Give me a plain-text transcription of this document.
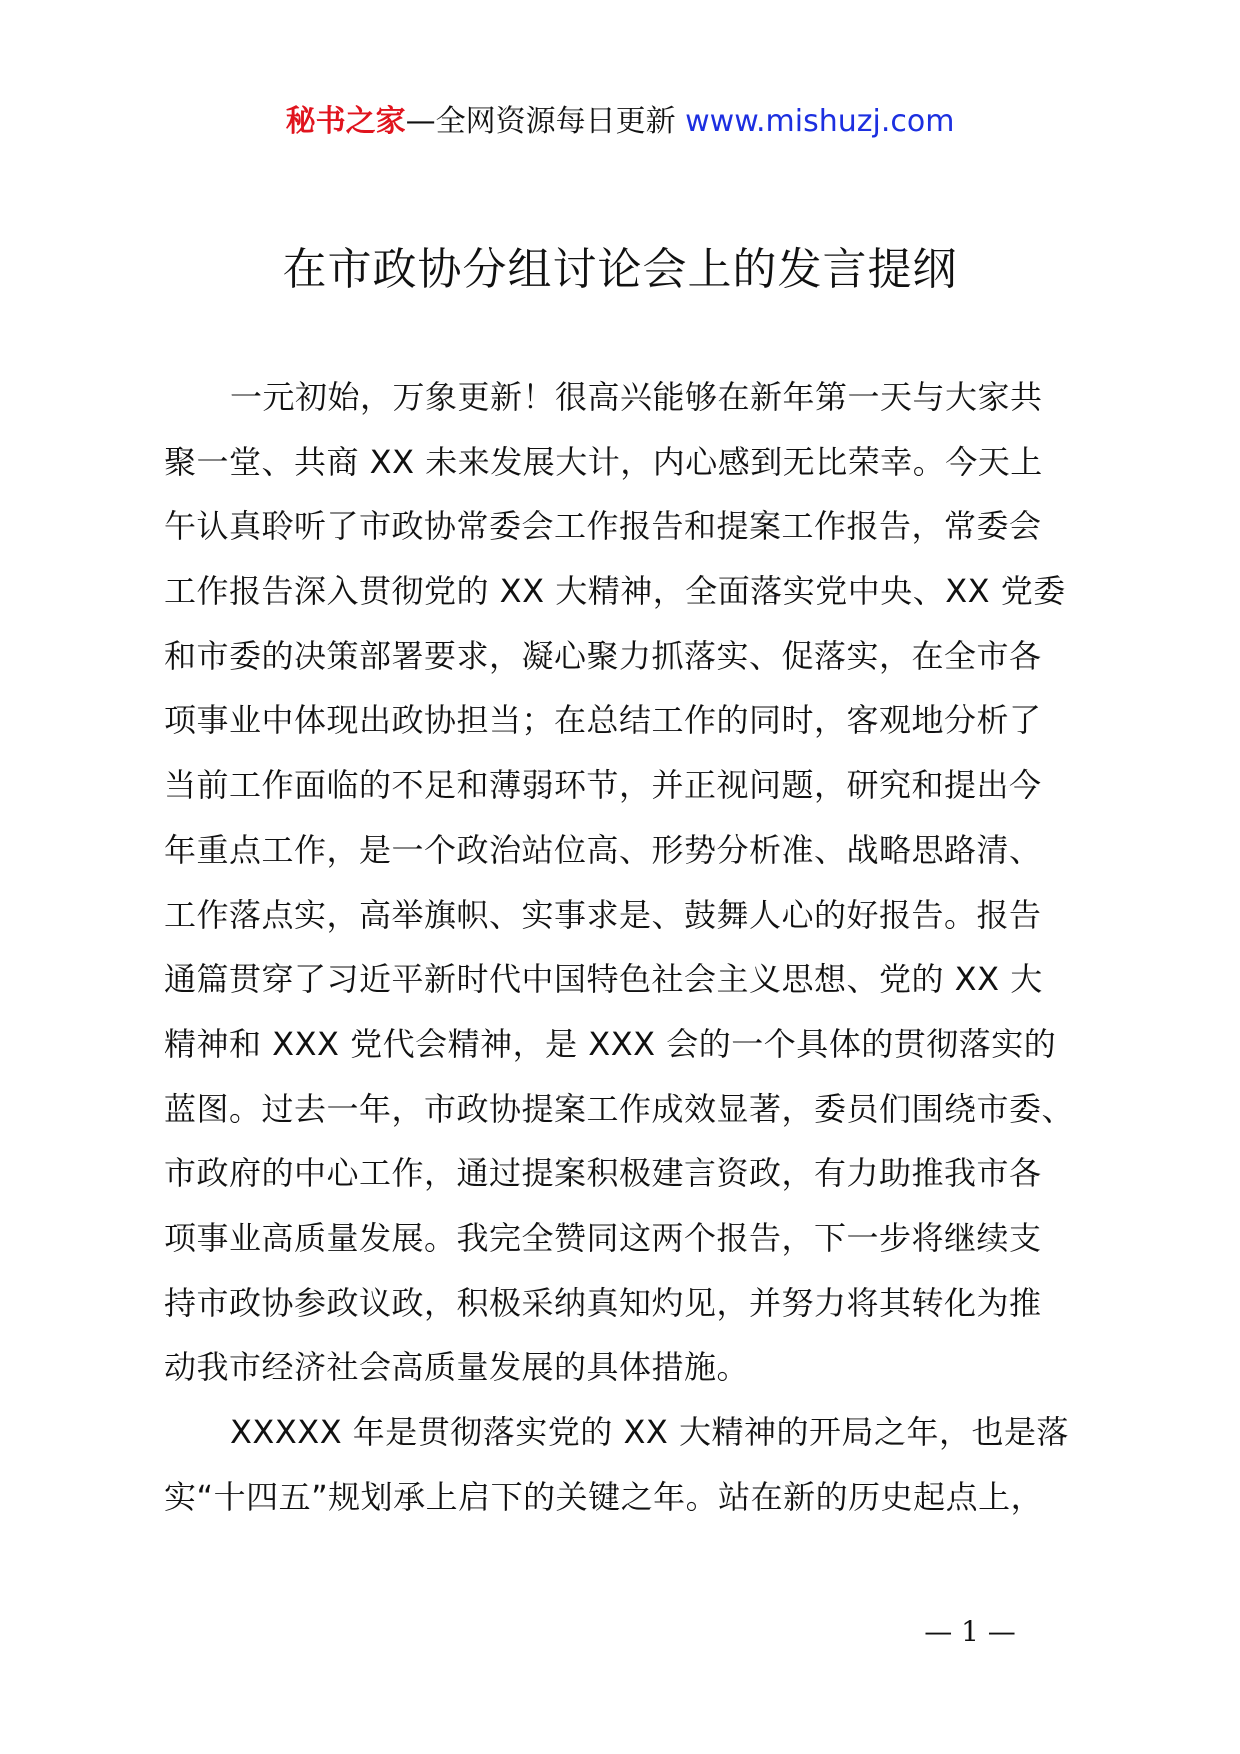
秘书之家—全网资源每日更新 www.mishuzj.com
在市政协分组讨论会上的发言提纲
一元初始，万象更新！很高兴能够在新年第一天与大家共
聚一堂、共商 XX 未来发展大计，内心感到无比荣幸。今天上
午认真聆听了市政协常委会工作报告和提案工作报告，常委会
工作报告深入贯彻党的 XX 大精神，全面落实党中央、XX 党委
和市委的决策部署要求，凝心聚力抓落实、促落实，在全市各
项事业中体现出政协担当；在总结工作的同时，客观地分析了
当前工作面临的不足和薄弱环节，并正视问题，研究和提出今
年重点工作，是一个政治站位高、形势分析准、战略思路清、
工作落点实，高举旗帜、实事求是、鼓舞人心的好报告。报告
通篇贯穿了习近平新时代中国特色社会主义思想、党的 XX 大
精神和 XXX 党代会精神，是 XXX 会的一个具体的贯彻落实的
蓝图。过去一年，市政协提案工作成效显著，委员们围绕市委、
市政府的中心工作，通过提案积极建言资政，有力助推我市各
项事业高质量发展。我完全赞同这两个报告，下一步将继续支
持市政协参政议政，积极采纳真知灼见，并努力将其转化为推
动我市经济社会高质量发展的具体措施。
XXXXX 年是贯彻落实党的 XX 大精神的开局之年，也是落
实“十四五”规划承上启下的关键之年。站在新的历史起点上，
— 1 —
